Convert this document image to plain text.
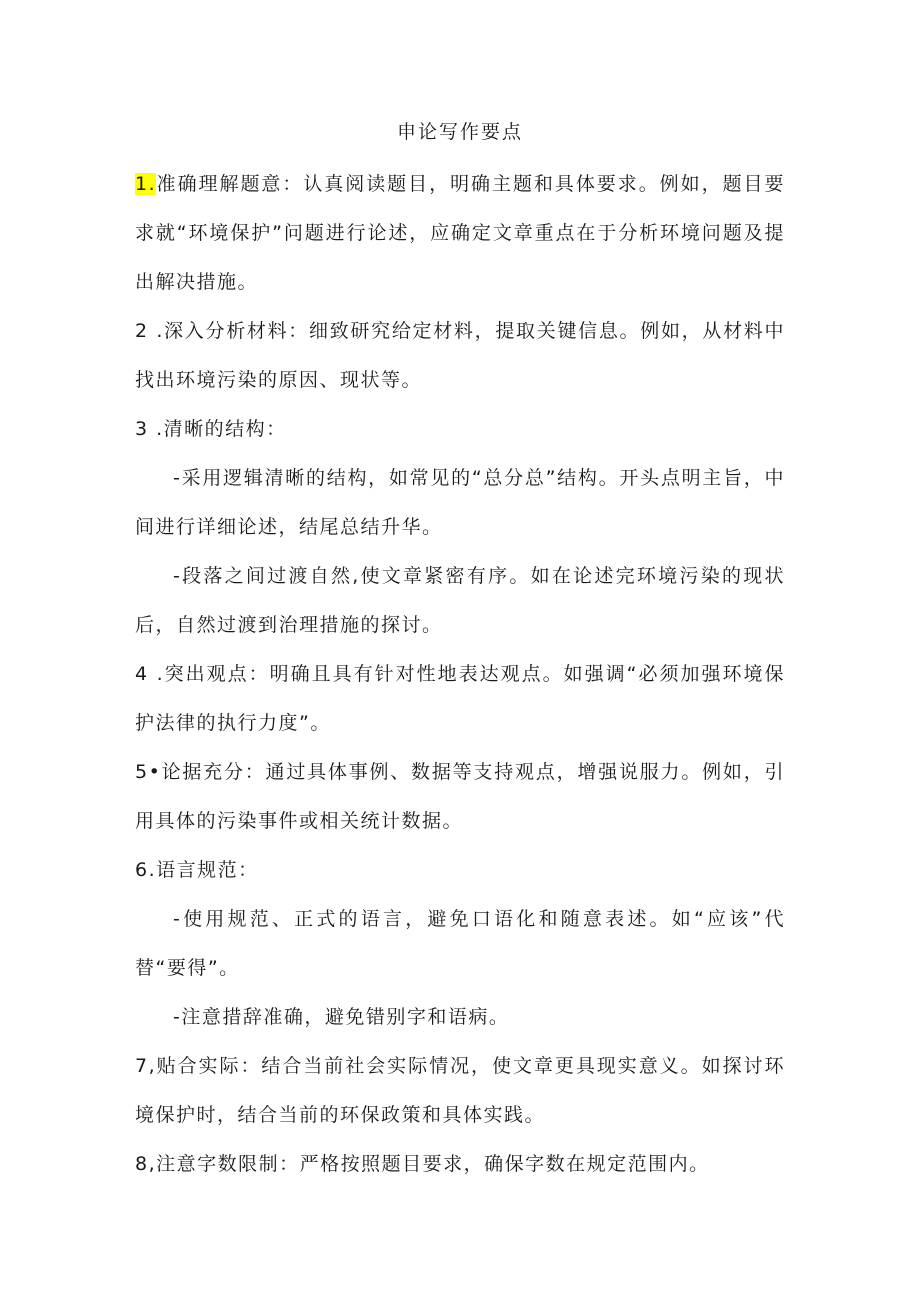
申论写作要点

1.准确理解题意：认真阅读题目，明确主题和具体要求。例如，题目要求就“环境保护”问题进行论述，应确定文章重点在于分析环境问题及提出解决措施。

2 .深入分析材料：细致研究给定材料，提取关键信息。例如，从材料中找出环境污染的原因、现状等。

3 .清晰的结构：

-采用逻辑清晰的结构，如常见的“总分总”结构。开头点明主旨，中间进行详细论述，结尾总结升华。

-段落之间过渡自然,使文章紧密有序。如在论述完环境污染的现状后，自然过渡到治理措施的探讨。

4 .突出观点：明确且具有针对性地表达观点。如强调“必须加强环境保护法律的执行力度”。

5•论据充分：通过具体事例、数据等支持观点，增强说服力。例如，引用具体的污染事件或相关统计数据。

6.语言规范：

-使用规范、正式的语言，避免口语化和随意表述。如“应该”代替“要得”。

-注意措辞准确，避免错别字和语病。

7,贴合实际：结合当前社会实际情况，使文章更具现实意义。如探讨环境保护时，结合当前的环保政策和具体实践。

8,注意字数限制：严格按照题目要求，确保字数在规定范围内。
